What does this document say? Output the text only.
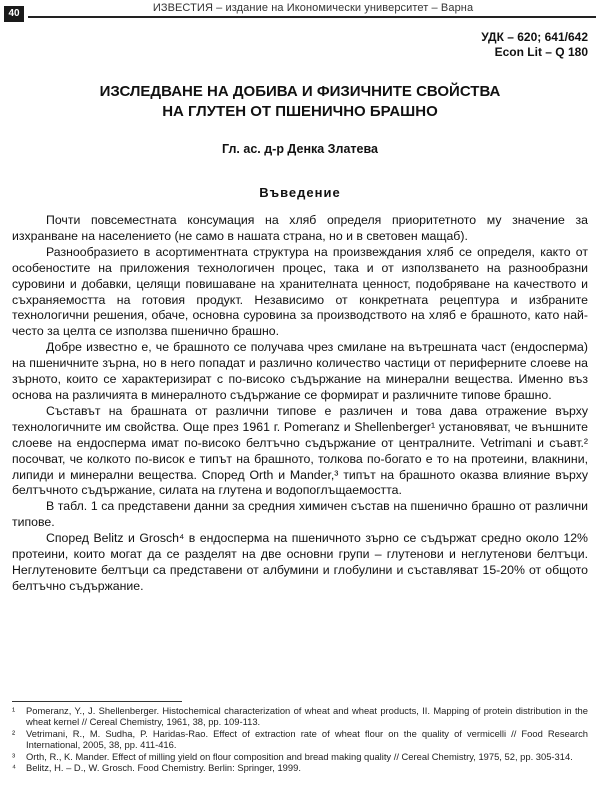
40	ИЗВЕСТИЯ – издание на Икономически университет – Варна
УДК – 620; 641/642
Econ Lit – Q 180
ИЗСЛЕДВАНЕ НА ДОБИВА И ФИЗИЧНИТЕ СВОЙСТВА
НА ГЛУТЕН ОТ ПШЕНИЧНО БРАШНО
Гл. ас. д-р Денка Златева
Въведение

Почти повсеместната консумация на хляб определя приоритетното му значение за изхранване на населението (не само в нашата страна, но и в световен мащаб).

Разнообразието в асортиментната структура на произвеждания хляб се определя, както от особеностите на приложения технологичен процес, така и от използването на разнообразни суровини и добавки, целящи повишаване на хранителната ценност, подобряване на качеството и съхраняемостта на готовия продукт. Независимо от конкретната рецептура и избраните технологични решения, обаче, основна суровина за производството на хляб е брашното, като най-често за целта се използва пшенично брашно.

Добре известно е, че брашното се получава чрез смилане на вътрешната част (ендосперма) на пшеничните зърна, но в него попадат и различно количество частици от периферните слоеве на зърното, които се характеризират с по-високо съдържание на минерални вещества. Именно въз основа на различията в минералното съдържание се формират и различните типове брашно.

Съставът на брашната от различни типове е различен и това дава отражение върху технологичните им свойства. Още през 1961 г. Pomeranz и Shellenberger¹ установяват, че външните слоеве на ендосперма имат по-високо белтъчно съдържание от централните. Vetrimani и съавт.² посочват, че колкото по-висок е типът на брашното, толкова по-богато е то на протеини, влакнини, липиди и минерални вещества. Според Orth и Mander,³ типът на брашното оказва влияние върху белтъчното съдържание, силата на глутена и водопоглъщаемостта.

В табл. 1 са представени данни за средния химичен състав на пшенично брашно от различни типове.

Според Belitz и Grosch⁴ в ендосперма на пшеничното зърно се съдържат средно около 12% протеини, които могат да се разделят на две основни групи – глутенови и неглутенови белтъци. Неглутеновите белтъци са представени от албумини и глобулини и съставляват 15-20% от общото белтъчно съдържание.

¹	Pomeranz, Y., J. Shellenberger. Histochemical characterization of wheat and wheat products, II. Mapping of protein distribution in the wheat kernel // Cereal Chemistry, 1961, 38, pp. 109-113.
²	Vetrimani, R., M. Sudha, P. Haridas-Rao. Effect of extraction rate of wheat flour on the quality of vermicelli // Food Research International, 2005, 38, pp. 411-416.
³	Orth, R., K. Mander. Effect of milling yield on flour composition and bread making quality // Cereal Chemistry, 1975, 52, pp. 305-314.
⁴	Belitz, H. – D., W. Grosch. Food Chemistry. Berlin: Springer, 1999.
